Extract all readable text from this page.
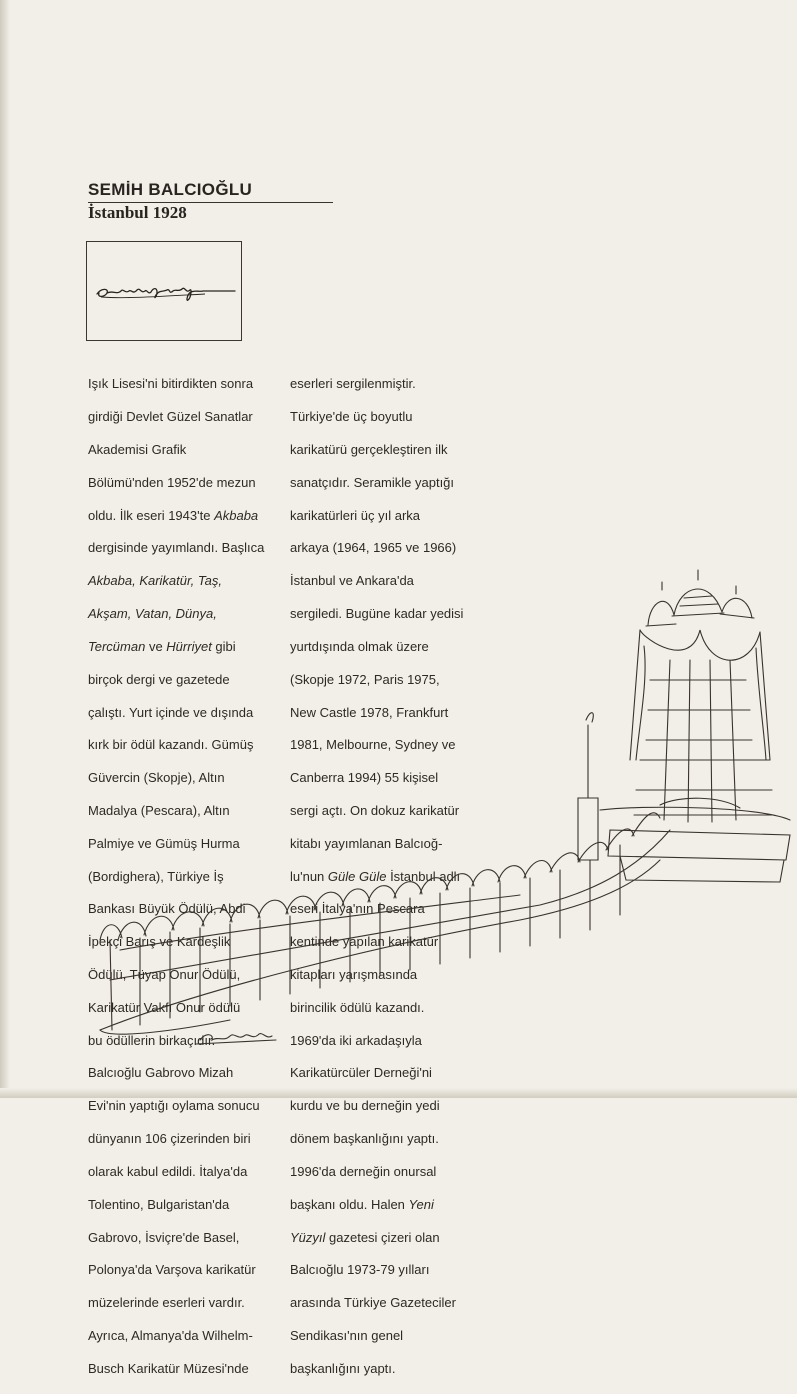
SEMİH BALCIOĞLU
İstanbul 1928

Işık Lisesi'ni bitirdikten sonra

girdiği Devlet Güzel Sanatlar

Akademisi Grafik

Bölümü'nden 1952'de mezun

oldu. İlk eseri 1943'te Akbaba

dergisinde yayımlandı. Başlıca

Akbaba, Karikatür, Taş,

Akşam, Vatan, Dünya,

Tercüman ve Hürriyet gibi

birçok dergi ve gazetede

çalıştı. Yurt içinde ve dışında

kırk bir ödül kazandı. Gümüş

Güvercin (Skopje), Altın

Madalya (Pescara), Altın

Palmiye ve Gümüş Hurma

(Bordighera), Türkiye İş

Bankası Büyük Ödülü, Abdi

İpekçi Barış ve Kardeşlik

Ödülü, Tüyap Onur Ödülü,

Karikatür Vakfı Onur ödülü

bu ödüllerin birkaçıdır.

Balcıoğlu Gabrovo Mizah

Evi'nin yaptığı oylama sonucu

dünyanın 106 çizerinden biri

olarak kabul edildi. İtalya'da

Tolentino, Bulgaristan'da

Gabrovo, İsviçre'de Basel,

Polonya'da Varşova karikatür

müzelerinde eserleri vardır.

Ayrıca, Almanya'da Wilhelm-

Busch Karikatür Müzesi'nde

eserleri sergilenmiştir.

Türkiye'de üç boyutlu

karikatürü gerçekleştiren ilk

sanatçıdır. Seramikle yaptığı

karikatürleri üç yıl arka

arkaya (1964, 1965 ve 1966)

İstanbul ve Ankara'da

sergiledi. Bugüne kadar yedisi

yurtdışında olmak üzere

(Skopje 1972, Paris 1975,

New Castle 1978, Frankfurt

1981, Melbourne, Sydney ve

Canberra 1994) 55 kişisel

sergi açtı. On dokuz karikatür

kitabı yayımlanan Balcıoğ-

lu'nun Güle Güle İstanbul adlı

eseri İtalya'nın Pescara

kentinde yapılan karikatür

kitapları yarışmasında

birincilik ödülü kazandı.

1969'da iki arkadaşıyla

Karikatürcüler Derneği'ni

kurdu ve bu derneğin yedi

dönem başkanlığını yaptı.

1996'da derneğin onursal

başkanı oldu. Halen Yeni

Yüzyıl gazetesi çizeri olan

Balcıoğlu 1973-79 yılları

arasında Türkiye Gazeteciler

Sendikası'nın genel

başkanlığını yaptı.
